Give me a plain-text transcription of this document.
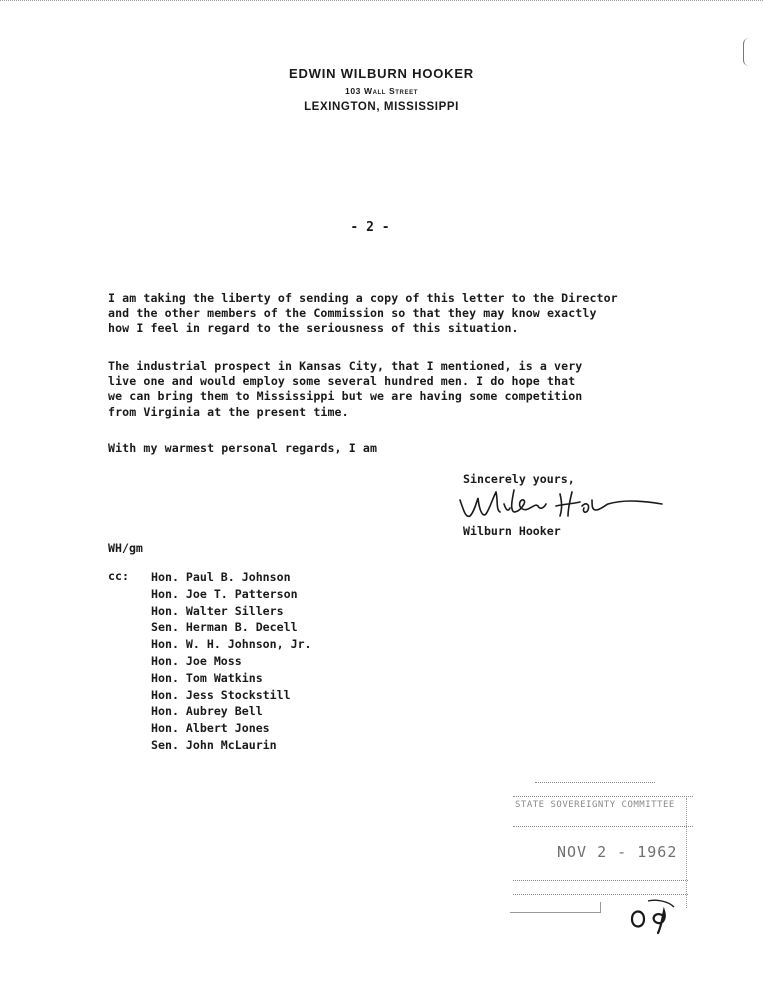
EDWIN WILBURN HOOKER
103 Wall Street
LEXINGTON, MISSISSIPPI
- 2 -
I am taking the liberty of sending a copy of this letter to the Director
and the other members of the Commission so that they may know exactly
how I feel in regard to the seriousness of this situation.
The industrial prospect in Kansas City, that I mentioned, is a very
live one and would employ some several hundred men. I do hope that
we can bring them to Mississippi but we are having some competition
from Virginia at the present time.
With my warmest personal regards, I am
Sincerely yours,
Wilburn Hooker
WH/gm
cc: Hon. Paul B. Johnson
Hon. Joe T. Patterson
Hon. Walter Sillers
Sen. Herman B. Decell
Hon. W. H. Johnson, Jr.
Hon. Joe Moss
Hon. Tom Watkins
Hon. Jess Stockstill
Hon. Aubrey Bell
Hon. Albert Jones
Sen. John McLaurin
STATE SOVEREIGNTY COMMITTEE
NOV 2 - 1962
